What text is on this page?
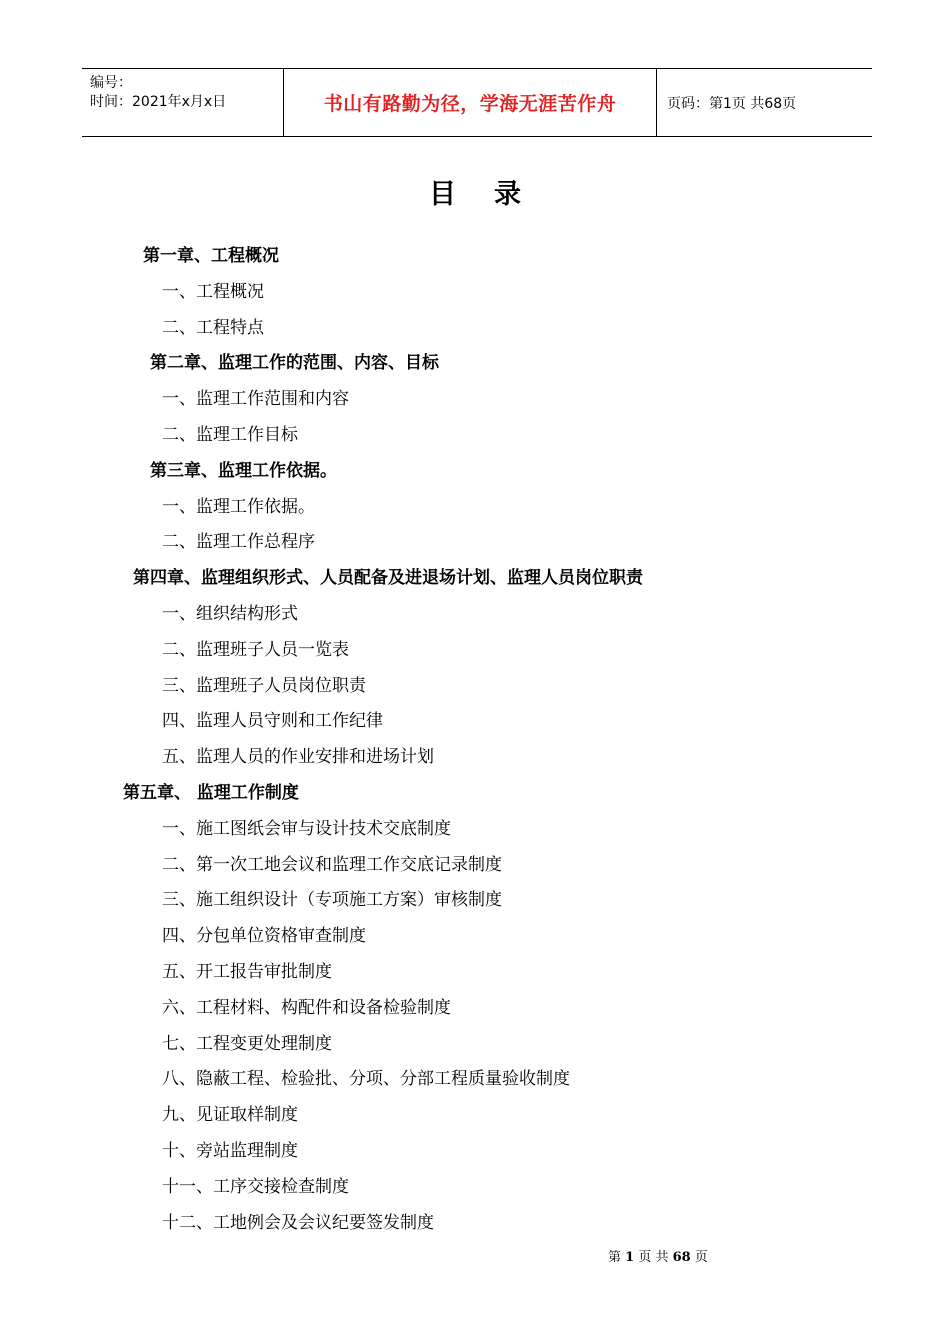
编号：
时间：2021年x月x日	书山有路勤为径，学海无涯苦作舟	页码：第1页 共68页
目录
第一章、工程概况
一、工程概况
二、工程特点
第二章、监理工作的范围、内容、目标
一、监理工作范围和内容
二、监理工作目标
第三章、监理工作依据。
一、监理工作依据。
二、监理工作总程序
第四章、监理组织形式、人员配备及进退场计划、监理人员岗位职责
一、组织结构形式
二、监理班子人员一览表
三、监理班子人员岗位职责
四、监理人员守则和工作纪律
五、监理人员的作业安排和进场计划
第五章、 监理工作制度
一、施工图纸会审与设计技术交底制度
二、第一次工地会议和监理工作交底记录制度
三、施工组织设计（专项施工方案）审核制度
四、分包单位资格审查制度
五、开工报告审批制度
六、工程材料、构配件和设备检验制度
七、工程变更处理制度
八、隐蔽工程、检验批、分项、分部工程质量验收制度
九、见证取样制度
十、旁站监理制度
十一、工序交接检查制度
十二、工地例会及会议纪要签发制度
第 1 页 共 68 页
